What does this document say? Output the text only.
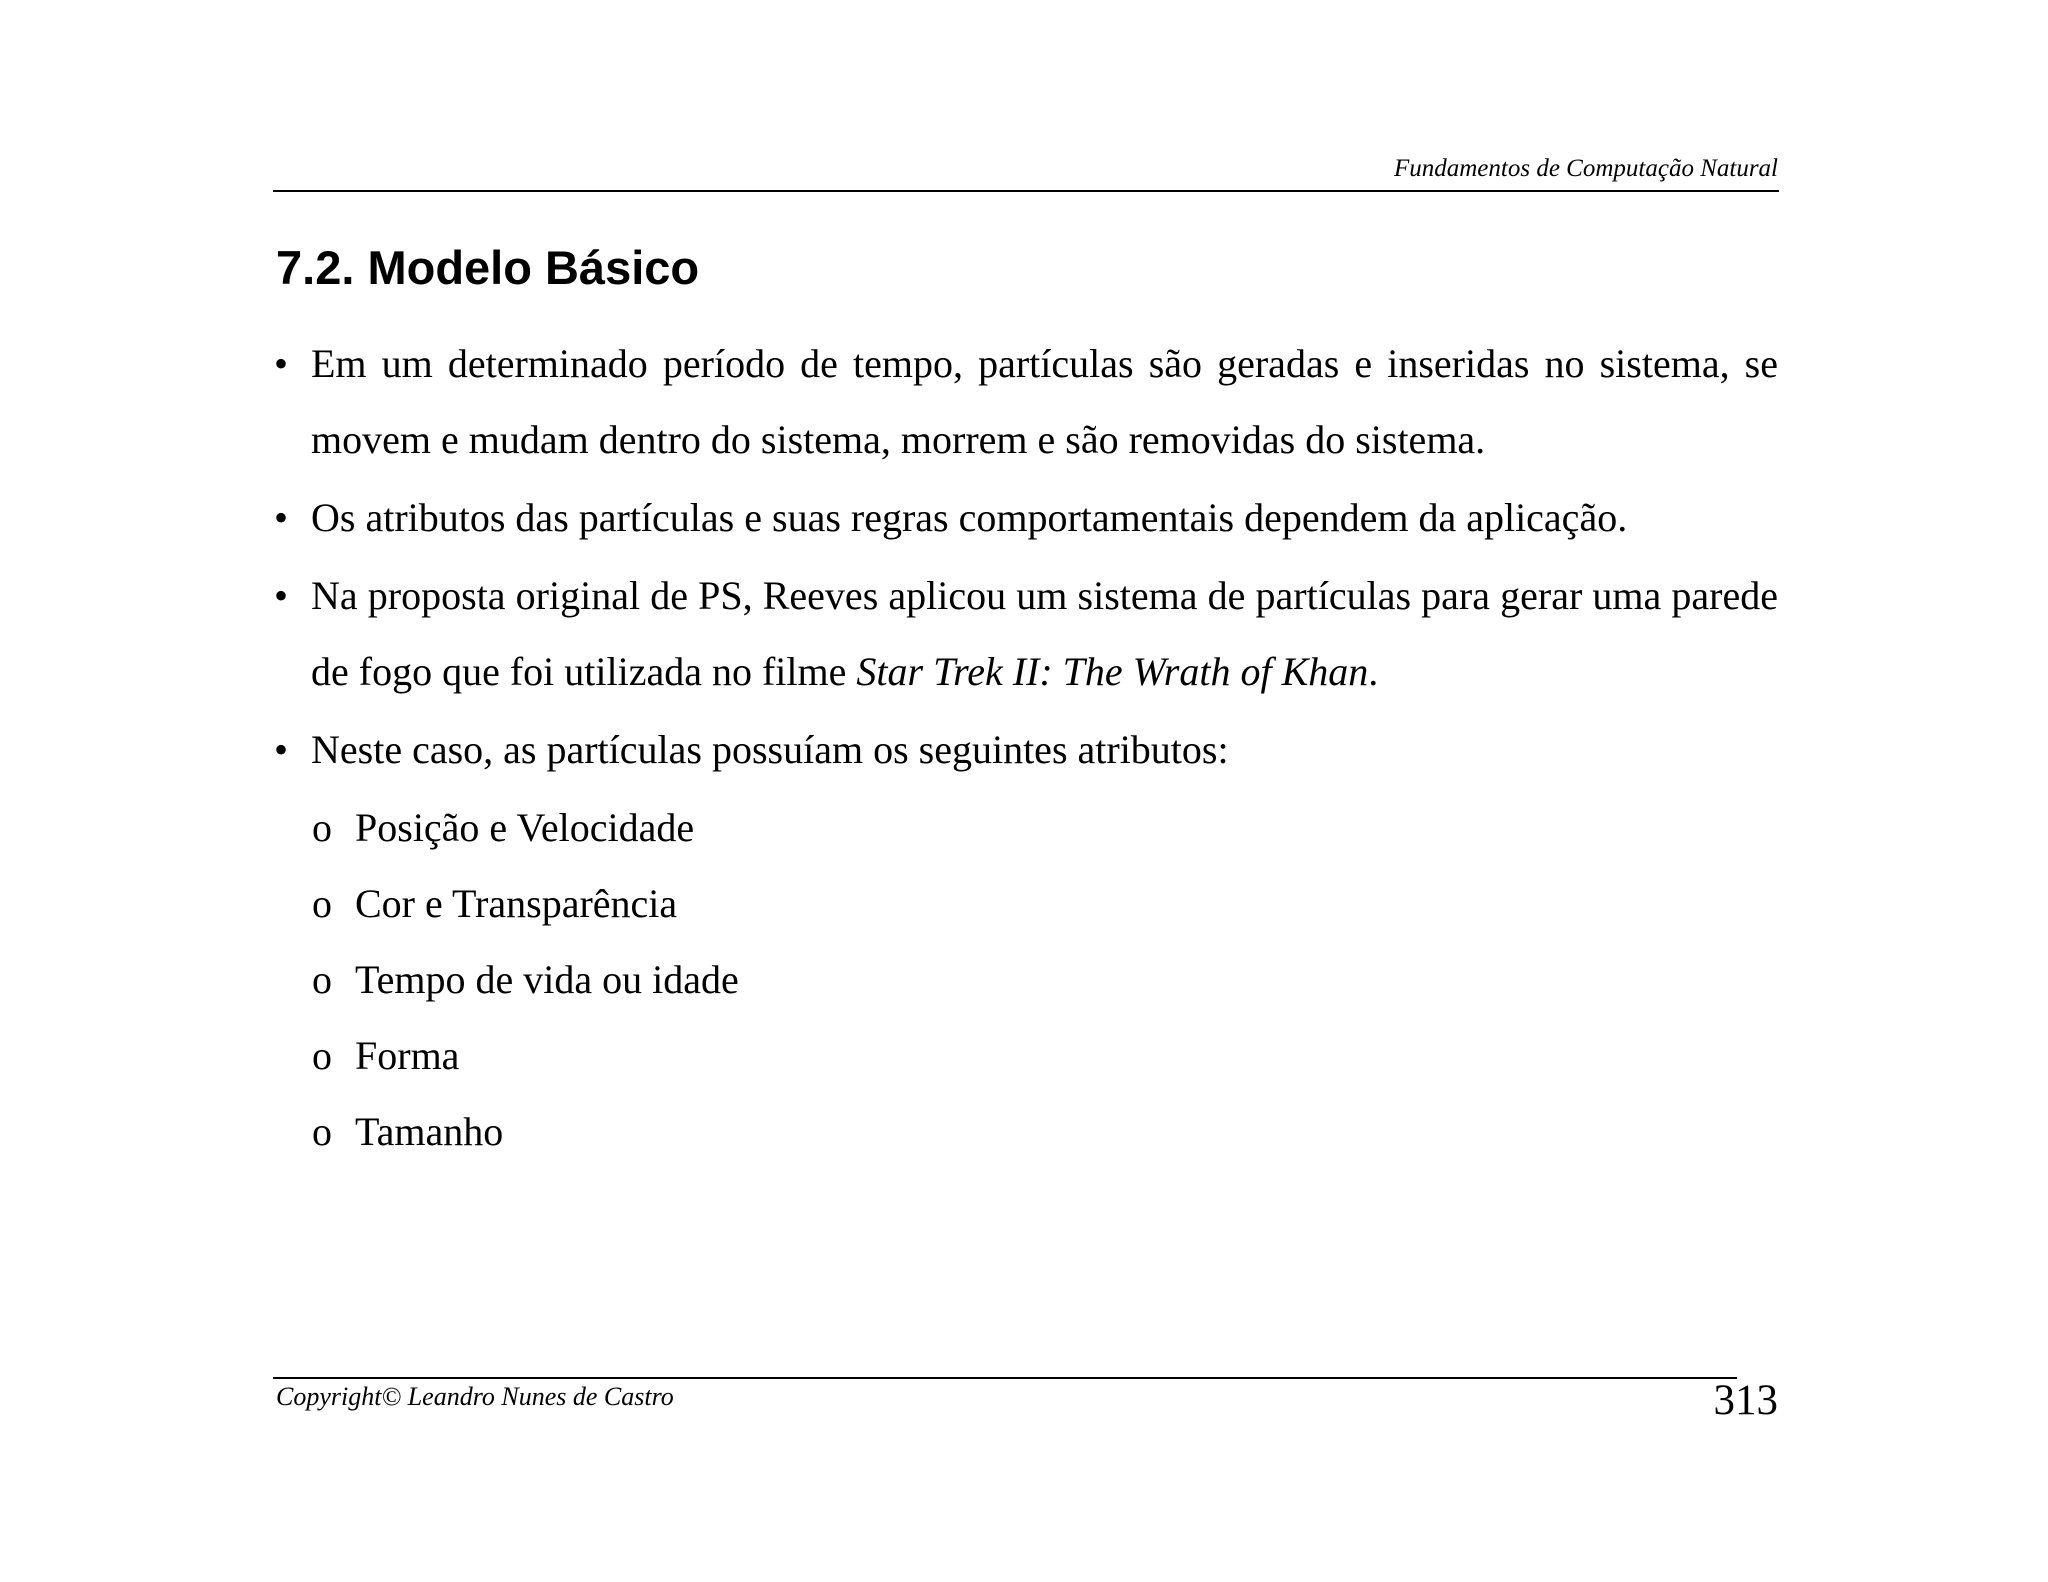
Fundamentos de Computação Natural
7.2. Modelo Básico
• Em um determinado período de tempo, partículas são geradas e inseridas no sistema, se movem e mudam dentro do sistema, morrem e são removidas do sistema.
• Os atributos das partículas e suas regras comportamentais dependem da aplicação.
• Na proposta original de PS, Reeves aplicou um sistema de partículas para gerar uma parede de fogo que foi utilizada no filme Star Trek II: The Wrath of Khan.
• Neste caso, as partículas possuíam os seguintes atributos:
o Posição e Velocidade
o Cor e Transparência
o Tempo de vida ou idade
o Forma
o Tamanho
Copyright© Leandro Nunes de Castro	313
